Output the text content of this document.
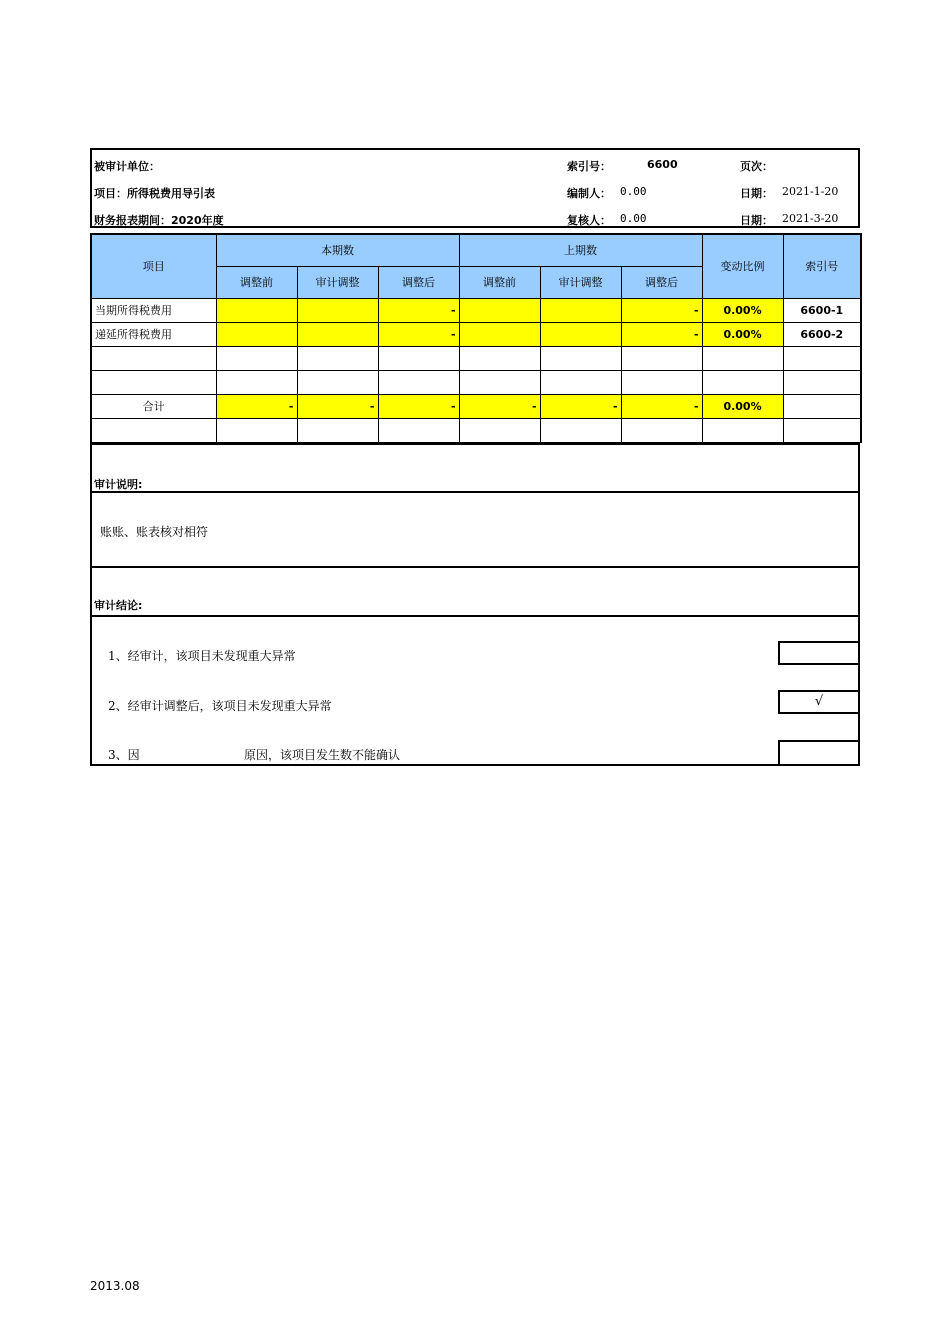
被审计单位：	索引号：	6600	页次：
项目：所得税费用导引表	编制人： 0.00	日期： 2021-1-20
财务报表期间：2020年度	复核人： 0.00	日期： 2021-3-20
项目	本期数			上期数			变动比例	索引号
	调整前	审计调整	调整后	调整前	审计调整	调整后		
当期所得税费用			-			-	0.00%	6600-1
递延所得税费用			-			-	0.00%	6600-2

合计	-	-	-	-	-	-	0.00%	

审计说明:
账账、账表核对相符
审计结论:
1、经审计，该项目未发现重大异常
2、经审计调整后，该项目未发现重大异常	√
3、因	原因，该项目发生数不能确认
2013.08
